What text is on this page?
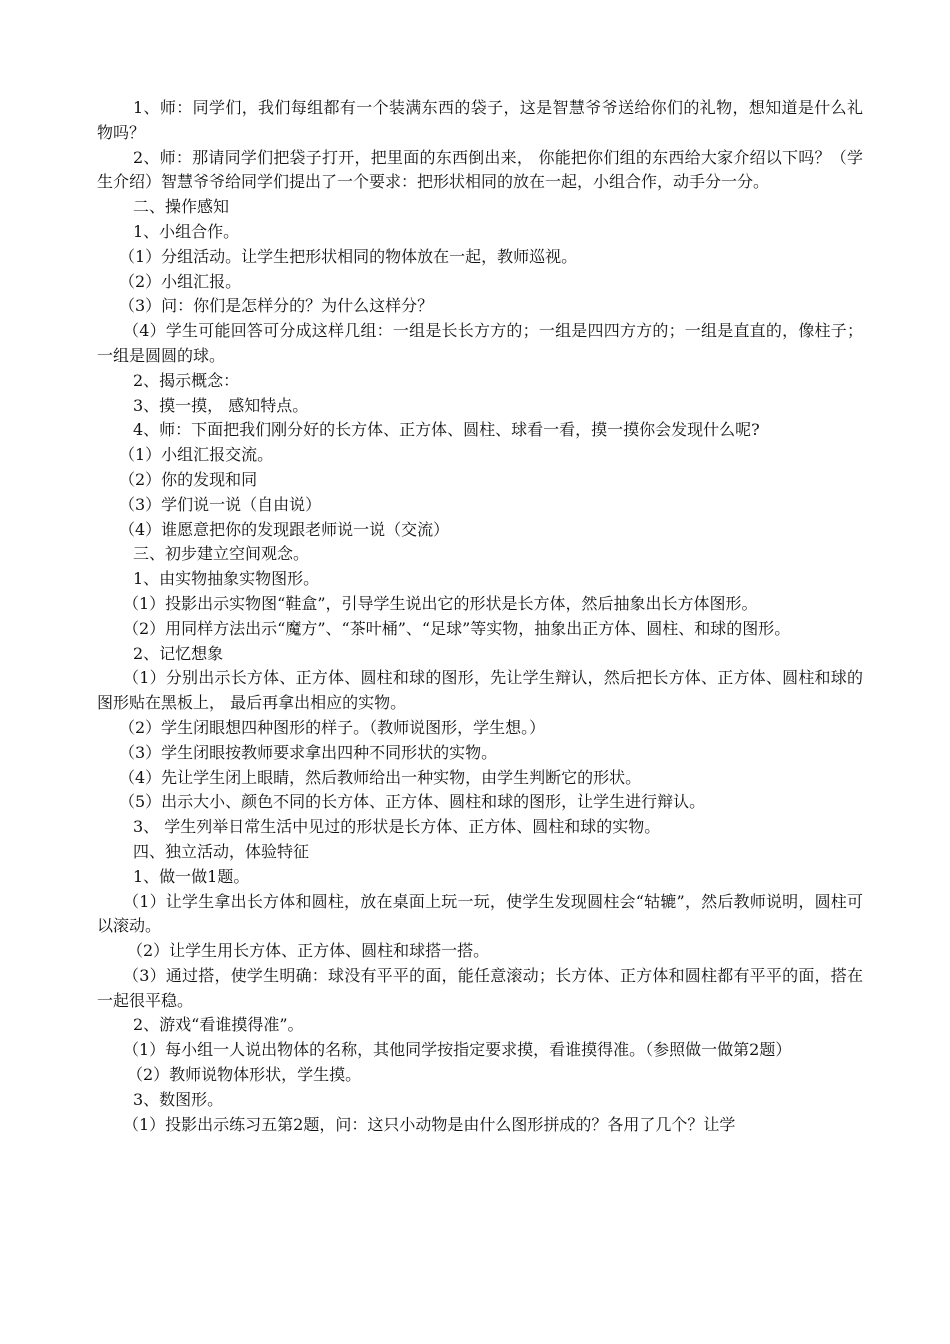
1、师：同学们，我们每组都有一个装满东西的袋子，这是智慧爷爷送给你们的礼物，想知道是什么礼物吗？

2、师：那请同学们把袋子打开，把里面的东西倒出来， 你能把你们组的东西给大家介绍以下吗？（学生介绍）智慧爷爷给同学们提出了一个要求：把形状相同的放在一起，小组合作，动手分一分。

二、操作感知

1、小组合作。

（1）分组活动。让学生把形状相同的物体放在一起，教师巡视。

（2）小组汇报。

（3）问：你们是怎样分的？为什么这样分？

（4）学生可能回答可分成这样几组：一组是长长方方的；一组是四四方方的；一组是直直的，像柱子；一组是圆圆的球。

2、揭示概念：

3、摸一摸， 感知特点。

4、师：下面把我们刚分好的长方体、正方体、圆柱、球看一看，摸一摸你会发现什么呢?

（1）小组汇报交流。

（2）你的发现和同

（3）学们说一说（自由说）

（4）谁愿意把你的发现跟老师说一说（交流）

三、初步建立空间观念。

1、由实物抽象实物图形。

（1）投影出示实物图“鞋盒”，引导学生说出它的形状是长方体，然后抽象出长方体图形。

（2）用同样方法出示“魔方”、“茶叶桶”、“足球”等实物，抽象出正方体、圆柱、和球的图形。

2、记忆想象

（1）分别出示长方体、正方体、圆柱和球的图形，先让学生辩认，然后把长方体、正方体、圆柱和球的图形贴在黑板上， 最后再拿出相应的实物。

（2）学生闭眼想四种图形的样子。（教师说图形，学生想。）

（3）学生闭眼按教师要求拿出四种不同形状的实物。

（4）先让学生闭上眼睛，然后教师给出一种实物，由学生判断它的形状。

（5）出示大小、颜色不同的长方体、正方体、圆柱和球的图形，让学生进行辩认。

3、 学生列举日常生活中见过的形状是长方体、正方体、圆柱和球的实物。

四、独立活动，体验特征

1、做一做1题。

（1）让学生拿出长方体和圆柱，放在桌面上玩一玩，使学生发现圆柱会“轱辘”，然后教师说明，圆柱可以滚动。

（2）让学生用长方体、正方体、圆柱和球搭一搭。

（3）通过搭，使学生明确：球没有平平的面，能任意滚动；长方体、正方体和圆柱都有平平的面，搭在一起很平稳。

2、游戏“看谁摸得准”。

（1）每小组一人说出物体的名称，其他同学按指定要求摸，看谁摸得准。（参照做一做第2题）

（2）教师说物体形状，学生摸。

3、数图形。

（1）投影出示练习五第2题，问：这只小动物是由什么图形拼成的？各用了几个？让学
